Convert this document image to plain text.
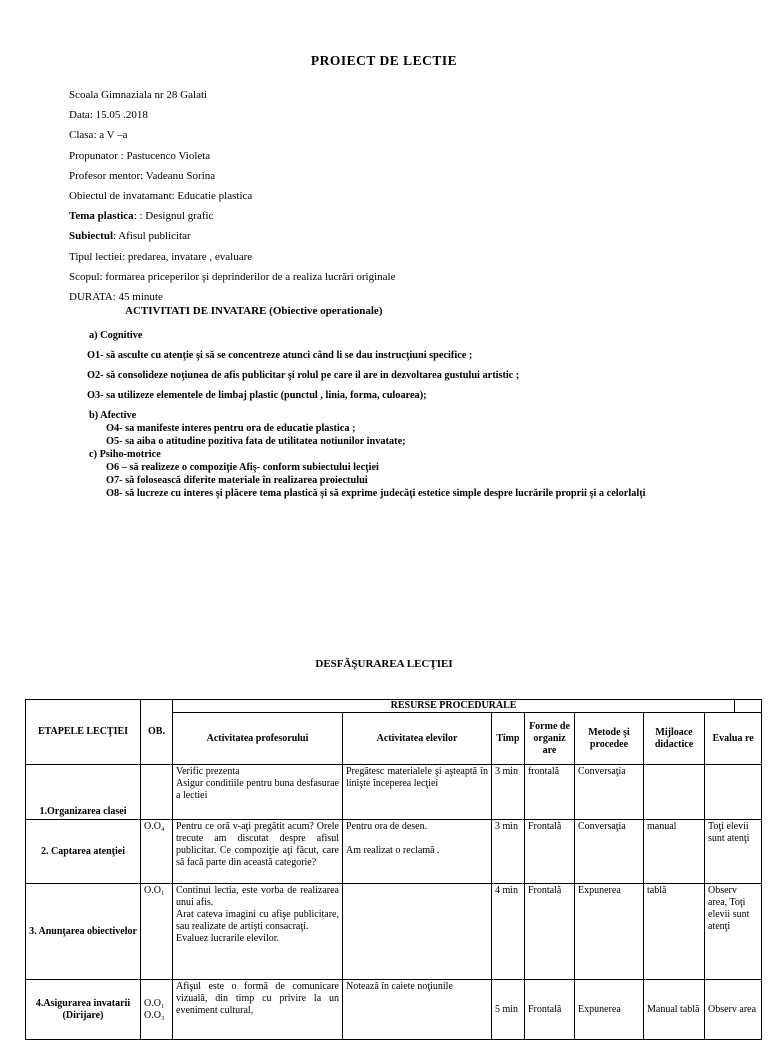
PROIECT DE LECTIE
Scoala Gimnaziala nr 28 Galati
Data: 15.05 .2018
Clasa: a V –a
Propunator : Pastucenco Violeta
Profesor mentor: Vadeanu Sorina
Obiectul de invatamant: Educatie plastica
Tema plastica: : Designul grafic
Subiectul: Afisul publicitar
Tipul lectiei: predarea, invatare , evaluare
Scopul: formarea priceperilor şi deprinderilor de a realiza lucrări originale
DURATA: 45 minute
ACTIVITATI DE INVATARE (Obiective operationale)
a) Cognitive
O1- să asculte cu atenţie şi să se concentreze atunci când li se dau instrucţiuni specifice ;
O2- să consolideze noţiunea de afis publicitar şi rolul pe care il are in dezvoltarea gustului artistic ;
O3- sa utilizeze elementele de limbaj plastic (punctul , linia, forma, culoarea);
b) Afective
O4- sa manifeste interes pentru ora de educatie plastica ;
O5- sa aiba o atitudine pozitiva fata de utilitatea notiunilor invatate;
c) Psiho-motrice
O6 – să realizeze o compoziţie Afiş- conform subiectului lecţiei
O7- să folosească diferite materiale în realizarea proiectului
O8- să lucreze cu interes şi plăcere tema plastică şi să exprime judecăţi estetice simple despre lucrările proprii şi a celorlalţi
DESFĂŞURAREA LECŢIEI
ETAPELE LECŢIEI	OB.	RESURSE PROCEDURALE							
		Activitatea profesorului	Activitatea elevilor	Timp	Forme de organiz are	Metode şi procedee	Mijloace didactice	Evalua re	
1.Organizarea clasei		Verific prezenta
Asigur conditiile pentru buna desfasurae a lectiei	Pregătesc materialele şi aşteaptă în linişte începerea lecţiei	3 min	frontală	Conversaţia			
2. Captarea atenţiei	O.O₄	Pentru ce oră v-aţi pregătit acum? Orele trecute am discutat despre afisul publicitar. Ce compoziţie aţi făcut, care să facă parte din această categorie?	Pentru ora de desen.

Am realizat o reclamă .	3 min	Frontală	Conversaţia	manual	Toţi elevii sunt atenţi	
3. Anunţarea obiectivelor	O.O₁	Continui lectia, este vorba de realizarea unui afis.
Arat cateva imagini cu afişe publicitare, sau realizate de artişti consacraţi.
Evaluez lucrarile elevilor.		4 min	Frontală	Expunerea	tablă	Observ area, Toţi elevii sunt atenţi	
4.Asigurarea invatarii (Dirijare)	O.O₁
O.O₃	Afişul este o formă de comunicare vizuală, din timp cu privire la un eveniment cultural,	Notează în caiete noţiunile	5 min	Frontală	Expunerea	Manual tablă	Observ area	
